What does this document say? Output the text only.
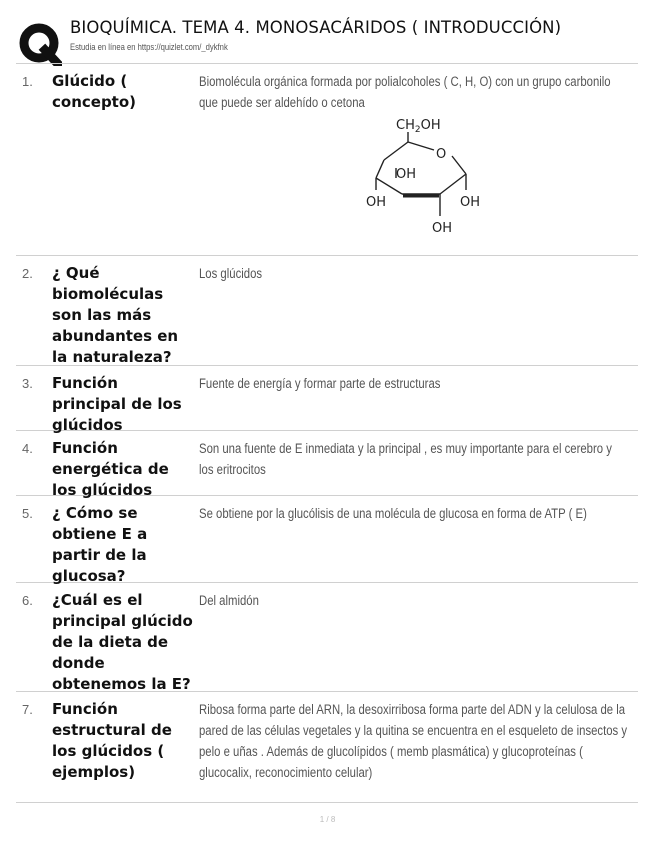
BIOQUÍMICA. TEMA 4. MONOSACÁRIDOS ( INTRODUCCIÓN)
Estudia en línea en https://quizlet.com/_dykfnk
1. Glúcido ( concepto)
Biomolécula orgánica formada por polialcoholes ( C, H, O) con un grupo carbonilo que puede ser aldehído o cetona
$CH_2OH$
O
OH
OH	OH
OH
2. ¿ Qué biomoléculas son las más abundantes en la naturaleza?
Los glúcidos
3. Función principal de los glúcidos
Fuente de energía y formar parte de estructuras
4. Función energética de los glúcidos
Son una fuente de E inmediata y la principal , es muy importante para el cerebro y los eritrocitos
5. ¿ Cómo se obtiene E a partir de la glucosa?
Se obtiene por la glucólisis de una molécula de glucosa en forma de ATP ( E)
6. ¿Cuál es el principal glúcido de la dieta de donde obtenemos la E?
Del almidón
7. Función estructural de los glúcidos ( ejemplos)
Ribosa forma parte del ARN, la desoxirribosa forma parte del ADN y la celulosa de la pared de las células vegetales y la quitina se encuentra en el esqueleto de insectos y pelo e uñas . Además de glucolípidos ( memb plasmática) y glucoproteínas ( glucocalix, reconocimiento celular)
1 / 8
